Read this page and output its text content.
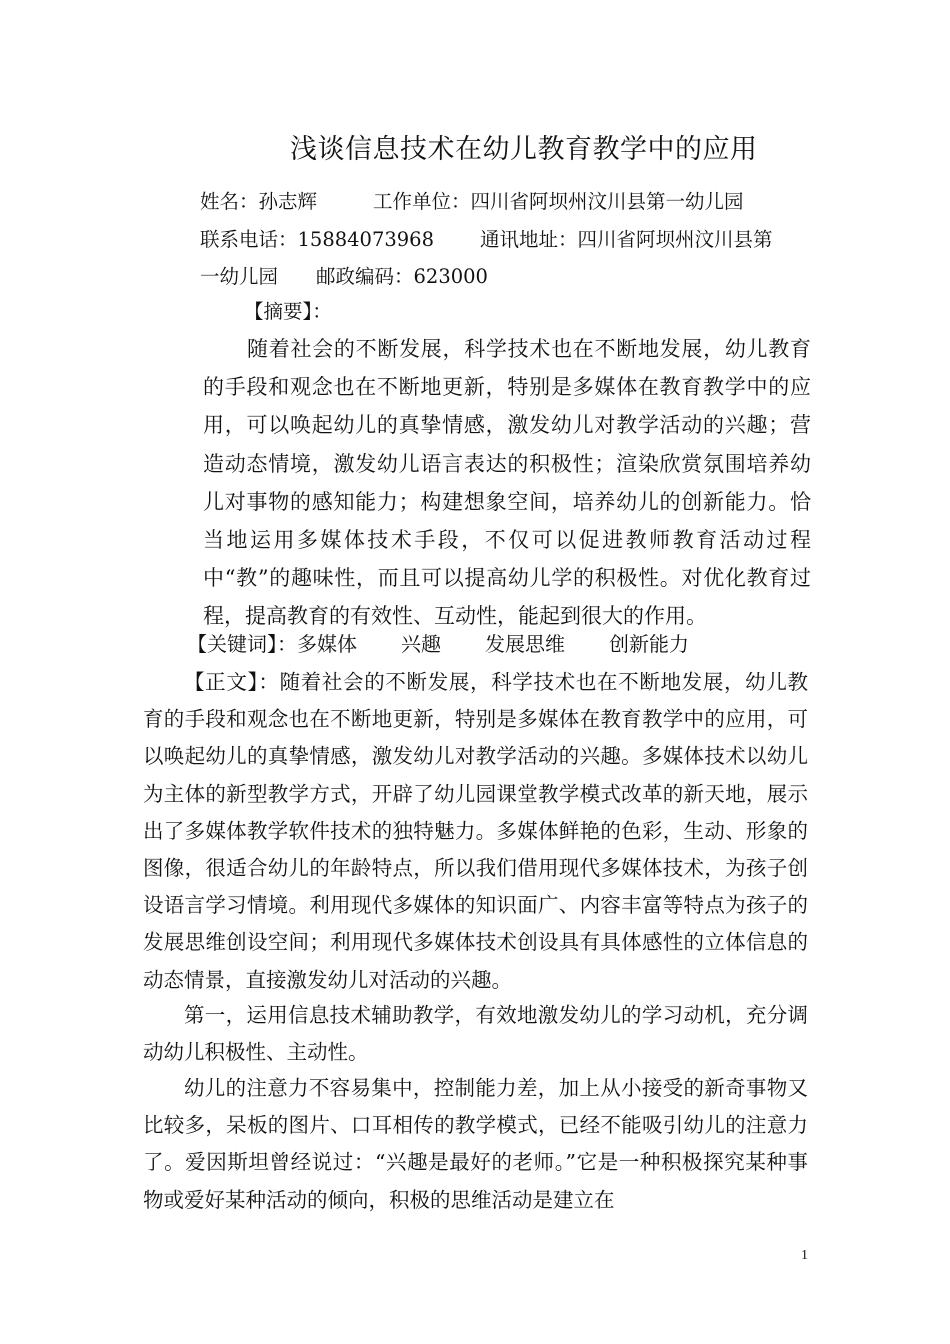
浅谈信息技术在幼儿教育教学中的应用
姓名：孙志辉	工作单位：四川省阿坝州汶川县第一幼儿园
联系电话：15884073968 通讯地址：四川省阿坝州汶川县第
一幼儿园 邮政编码：623000
【摘要】：
随着社会的不断发展，科学技术也在不断地发展，幼儿教育的手段和观念也在不断地更新，特别是多媒体在教育教学中的应用，可以唤起幼儿的真挚情感，激发幼儿对教学活动的兴趣；营造动态情境，激发幼儿语言表达的积极性；渲染欣赏氛围培养幼儿对事物的感知能力；构建想象空间，培养幼儿的创新能力。恰当地运用多媒体技术手段，不仅可以促进教师教育活动过程中“教”的趣味性，而且可以提高幼儿学的积极性。对优化教育过程，提高教育的有效性、互动性，能起到很大的作用。
【关键词】：多媒体 兴趣 发展思维 创新能力

【正文】：随着社会的不断发展，科学技术也在不断地发展，幼儿教育的手段和观念也在不断地更新，特别是多媒体在教育教学中的应用，可以唤起幼儿的真挚情感，激发幼儿对教学活动的兴趣。多媒体技术以幼儿为主体的新型教学方式，开辟了幼儿园课堂教学模式改革的新天地，展示出了多媒体教学软件技术的独特魅力。多媒体鲜艳的色彩，生动、形象的图像，很适合幼儿的年龄特点，所以我们借用现代多媒体技术，为孩子创设语言学习情境。利用现代多媒体的知识面广、内容丰富等特点为孩子的发展思维创设空间；利用现代多媒体技术创设具有具体感性的立体信息的动态情景，直接激发幼儿对活动的兴趣。

第一，运用信息技术辅助教学，有效地激发幼儿的学习动机，充分调动幼儿积极性、主动性。

幼儿的注意力不容易集中，控制能力差，加上从小接受的新奇事物又比较多，呆板的图片、口耳相传的教学模式，已经不能吸引幼儿的注意力了。爱因斯坦曾经说过：“兴趣是最好的老师。”它是一种积极探究某种事物或爱好某种活动的倾向，积极的思维活动是建立在

1
